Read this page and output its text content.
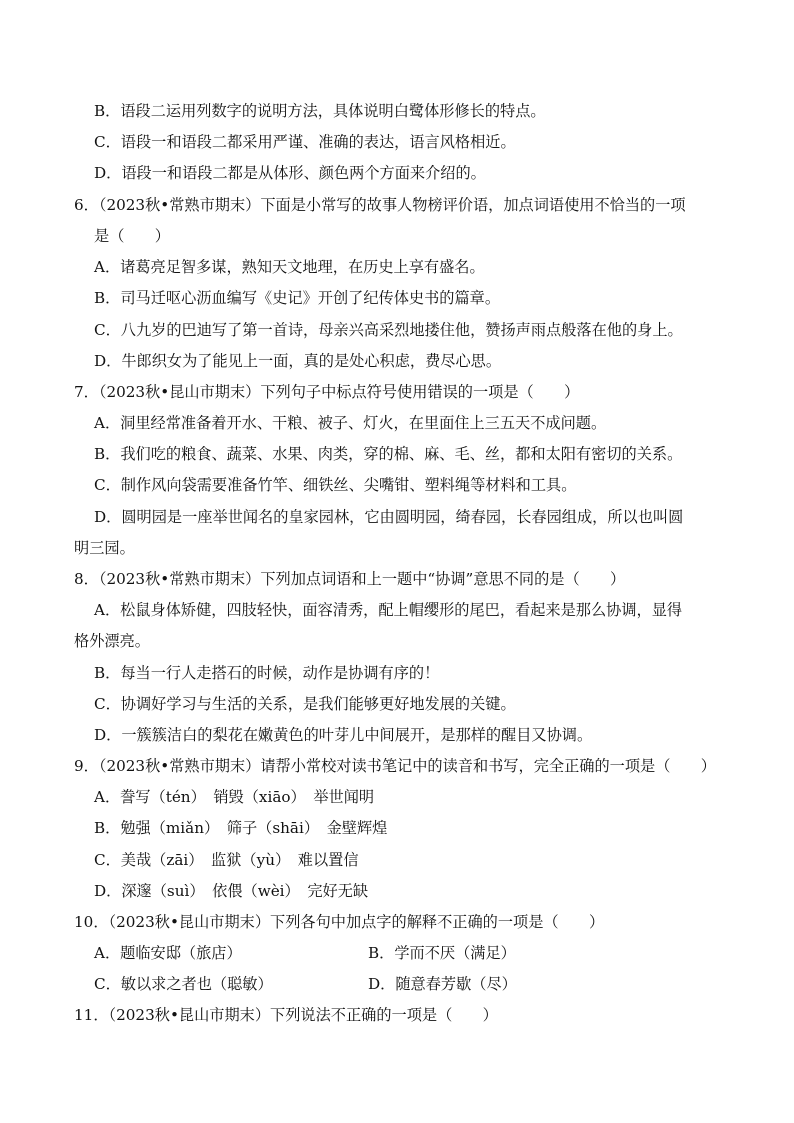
B．语段二运用列数字的说明方法，具体说明白鹭体形修长的特点。
C．语段一和语段二都采用严谨、准确的表达，语言风格相近。
D．语段一和语段二都是从体形、颜色两个方面来介绍的。
6．（2023秋•常熟市期末）下面是小常写的故事人物榜评价语，加点词语使用不恰当的一项
是（　　）
A．诸葛亮足智多谋，熟知天文地理，在历史上享有盛名。
B．司马迁呕心沥血编写《史记》开创了纪传体史书的篇章。
C．八九岁的巴迪写了第一首诗，母亲兴高采烈地搂住他，赞扬声雨点般落在他的身上。
D．牛郎织女为了能见上一面，真的是处心积虑，费尽心思。
7．（2023秋•昆山市期末）下列句子中标点符号使用错误的一项是（　　）
A．洞里经常准备着开水、干粮、被子、灯火，在里面住上三五天不成问题。
B．我们吃的粮食、蔬菜、水果、肉类，穿的棉、麻、毛、丝，都和太阳有密切的关系。
C．制作风向袋需要准备竹竿、细铁丝、尖嘴钳、塑料绳等材料和工具。
D．圆明园是一座举世闻名的皇家园林，它由圆明园，绮春园，长春园组成，所以也叫圆
明三园。
8．（2023秋•常熟市期末）下列加点词语和上一题中“协调”意思不同的是（　　）
A．松鼠身体矫健，四肢轻快，面容清秀，配上帽缨形的尾巴，看起来是那么协调，显得
格外漂亮。
B．每当一行人走搭石的时候，动作是协调有序的！
C．协调好学习与生活的关系，是我们能够更好地发展的关键。
D．一簇簇洁白的梨花在嫩黄色的叶芽儿中间展开，是那样的醒目又协调。
9．（2023秋•常熟市期末）请帮小常校对读书笔记中的读音和书写，完全正确的一项是（　　）
A．誊写（tén）　销毁（xiāo）　举世闻明
B．勉强（miǎn）　筛子（shāi）　金壁辉煌
C．美哉（zāi）　监狱（yù）　难以置信
D．深邃（suì）　依偎（wèi）　完好无缺
10．（2023秋•昆山市期末）下列各句中加点字的解释不正确的一项是（　　）
A．题临安邸（旅店）	B．学而不厌（满足）
C．敏以求之者也（聪敏）	D．随意春芳歇（尽）
11．（2023秋•昆山市期末）下列说法不正确的一项是（　　）
